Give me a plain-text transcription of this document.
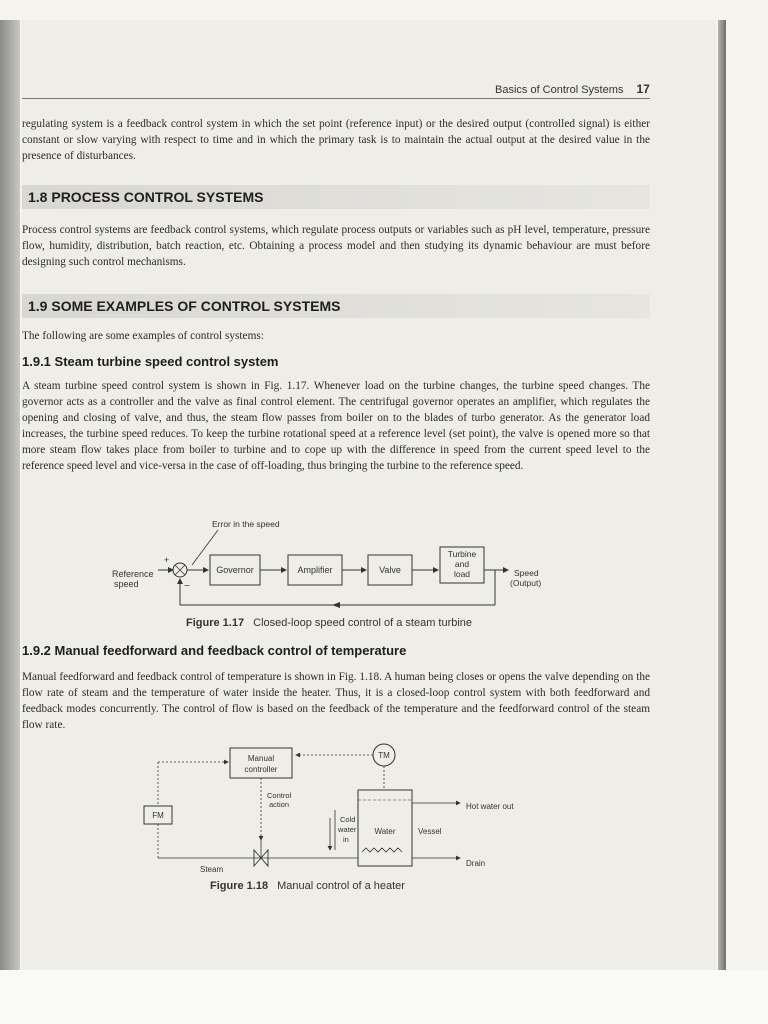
Basics of Control Systems 17
regulating system is a feedback control system in which the set point (reference input) or the desired output (controlled signal) is either constant or slow varying with respect to time and in which the primary task is to maintain the actual output at the desired value in the presence of disturbances.
1.8 PROCESS CONTROL SYSTEMS
Process control systems are feedback control systems, which regulate process outputs or variables such as pH level, temperature, pressure flow, humidity, distribution, batch reaction, etc. Obtaining a process model and then studying its dynamic behaviour are must before designing such control mechanisms.
1.9 SOME EXAMPLES OF CONTROL SYSTEMS
The following are some examples of control systems:
1.9.1 Steam turbine speed control system
A steam turbine speed control system is shown in Fig. 1.17. Whenever load on the turbine changes, the turbine speed changes. The governor acts as a controller and the valve as final control element. The centrifugal governor operates an amplifier, which regulates the opening and closing of valve, and thus, the steam flow passes from boiler on to the blades of turbo generator. As the generator load increases, the turbine speed reduces. To keep the turbine rotational speed at a reference level (set point), the valve is opened more so that more steam flow takes place from boiler to turbine and to cope up with the difference in speed from the current speed level to the reference speed level and vice-versa in the case of off-loading, thus bringing the turbine to the reference speed.
Error in the speed
+
−
Reference
speed
Governor	Amplifier	Valve
Turbine
and
load	Speed
(Output)
Figure 1.17 Closed-loop speed control of a steam turbine
1.9.2 Manual feedforward and feedback control of temperature
Manual feedforward and feedback control of temperature is shown in Fig. 1.18. A human being closes or opens the valve depending on the flow rate of steam and the temperature of water inside the heater. Thus, it is a closed-loop control system with both feedforward and feedback modes concurrently. The control of flow is based on the feedback of the temperature and the feedforward control of the steam flow rate.
Manual
controller
TM
FM
Control
action
Water	Vessel
Hot water out
Cold
water
in
Steam
Drain
Figure 1.18 Manual control of a heater
